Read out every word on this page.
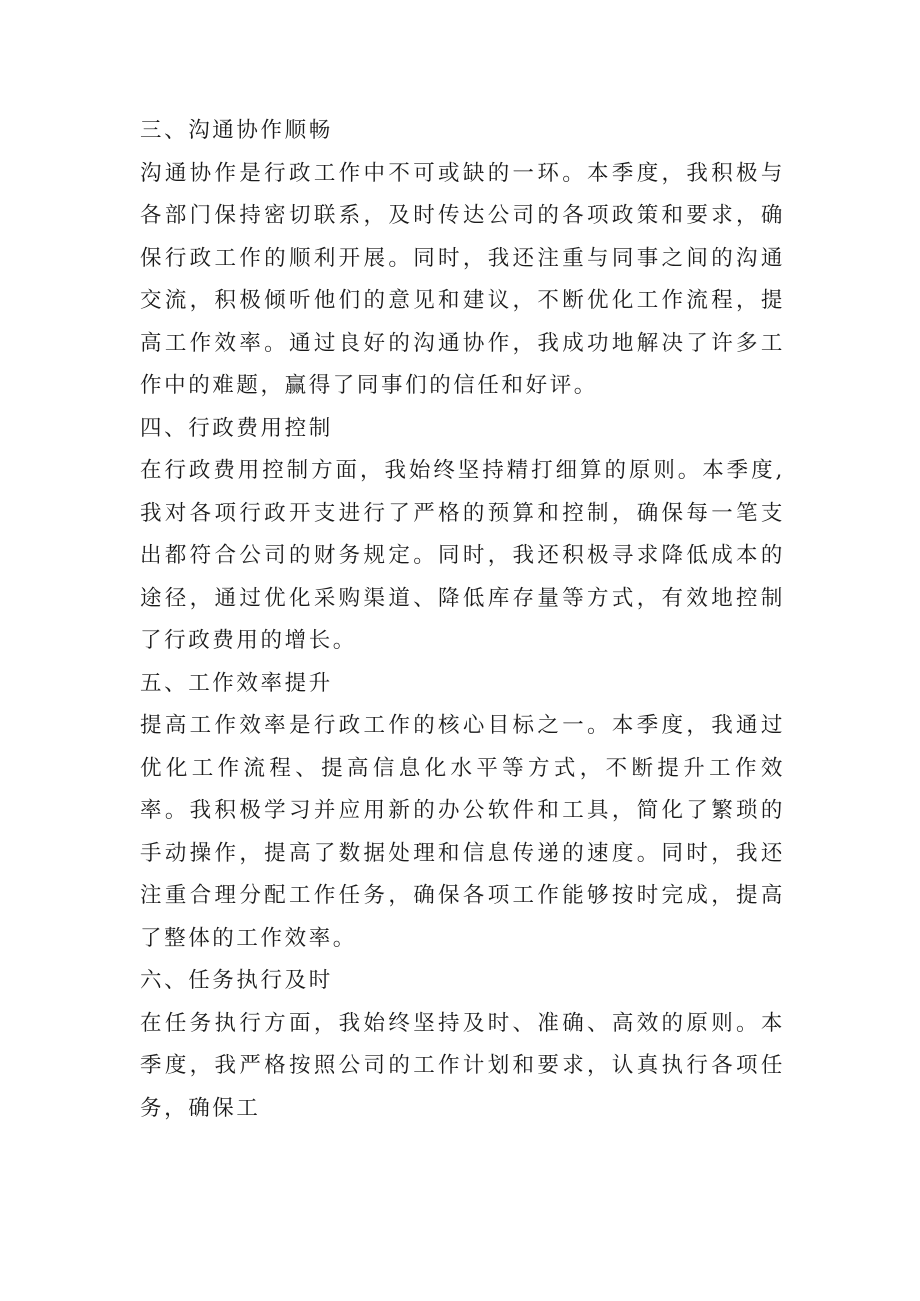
三、沟通协作顺畅

沟通协作是行政工作中不可或缺的一环。本季度，我积极与各部门保持密切联系，及时传达公司的各项政策和要求，确保行政工作的顺利开展。同时，我还注重与同事之间的沟通交流，积极倾听他们的意见和建议，不断优化工作流程，提高工作效率。通过良好的沟通协作，我成功地解决了许多工作中的难题，赢得了同事们的信任和好评。

四、行政费用控制

在行政费用控制方面，我始终坚持精打细算的原则。本季度,我对各项行政开支进行了严格的预算和控制，确保每一笔支出都符合公司的财务规定。同时，我还积极寻求降低成本的途径，通过优化采购渠道、降低库存量等方式，有效地控制了行政费用的增长。

五、工作效率提升

提高工作效率是行政工作的核心目标之一。本季度，我通过优化工作流程、提高信息化水平等方式，不断提升工作效率。我积极学习并应用新的办公软件和工具，简化了繁琐的手动操作，提高了数据处理和信息传递的速度。同时，我还注重合理分配工作任务，确保各项工作能够按时完成，提高了整体的工作效率。

六、任务执行及时

在任务执行方面，我始终坚持及时、准确、高效的原则。本季度，我严格按照公司的工作计划和要求，认真执行各项任务，确保工
